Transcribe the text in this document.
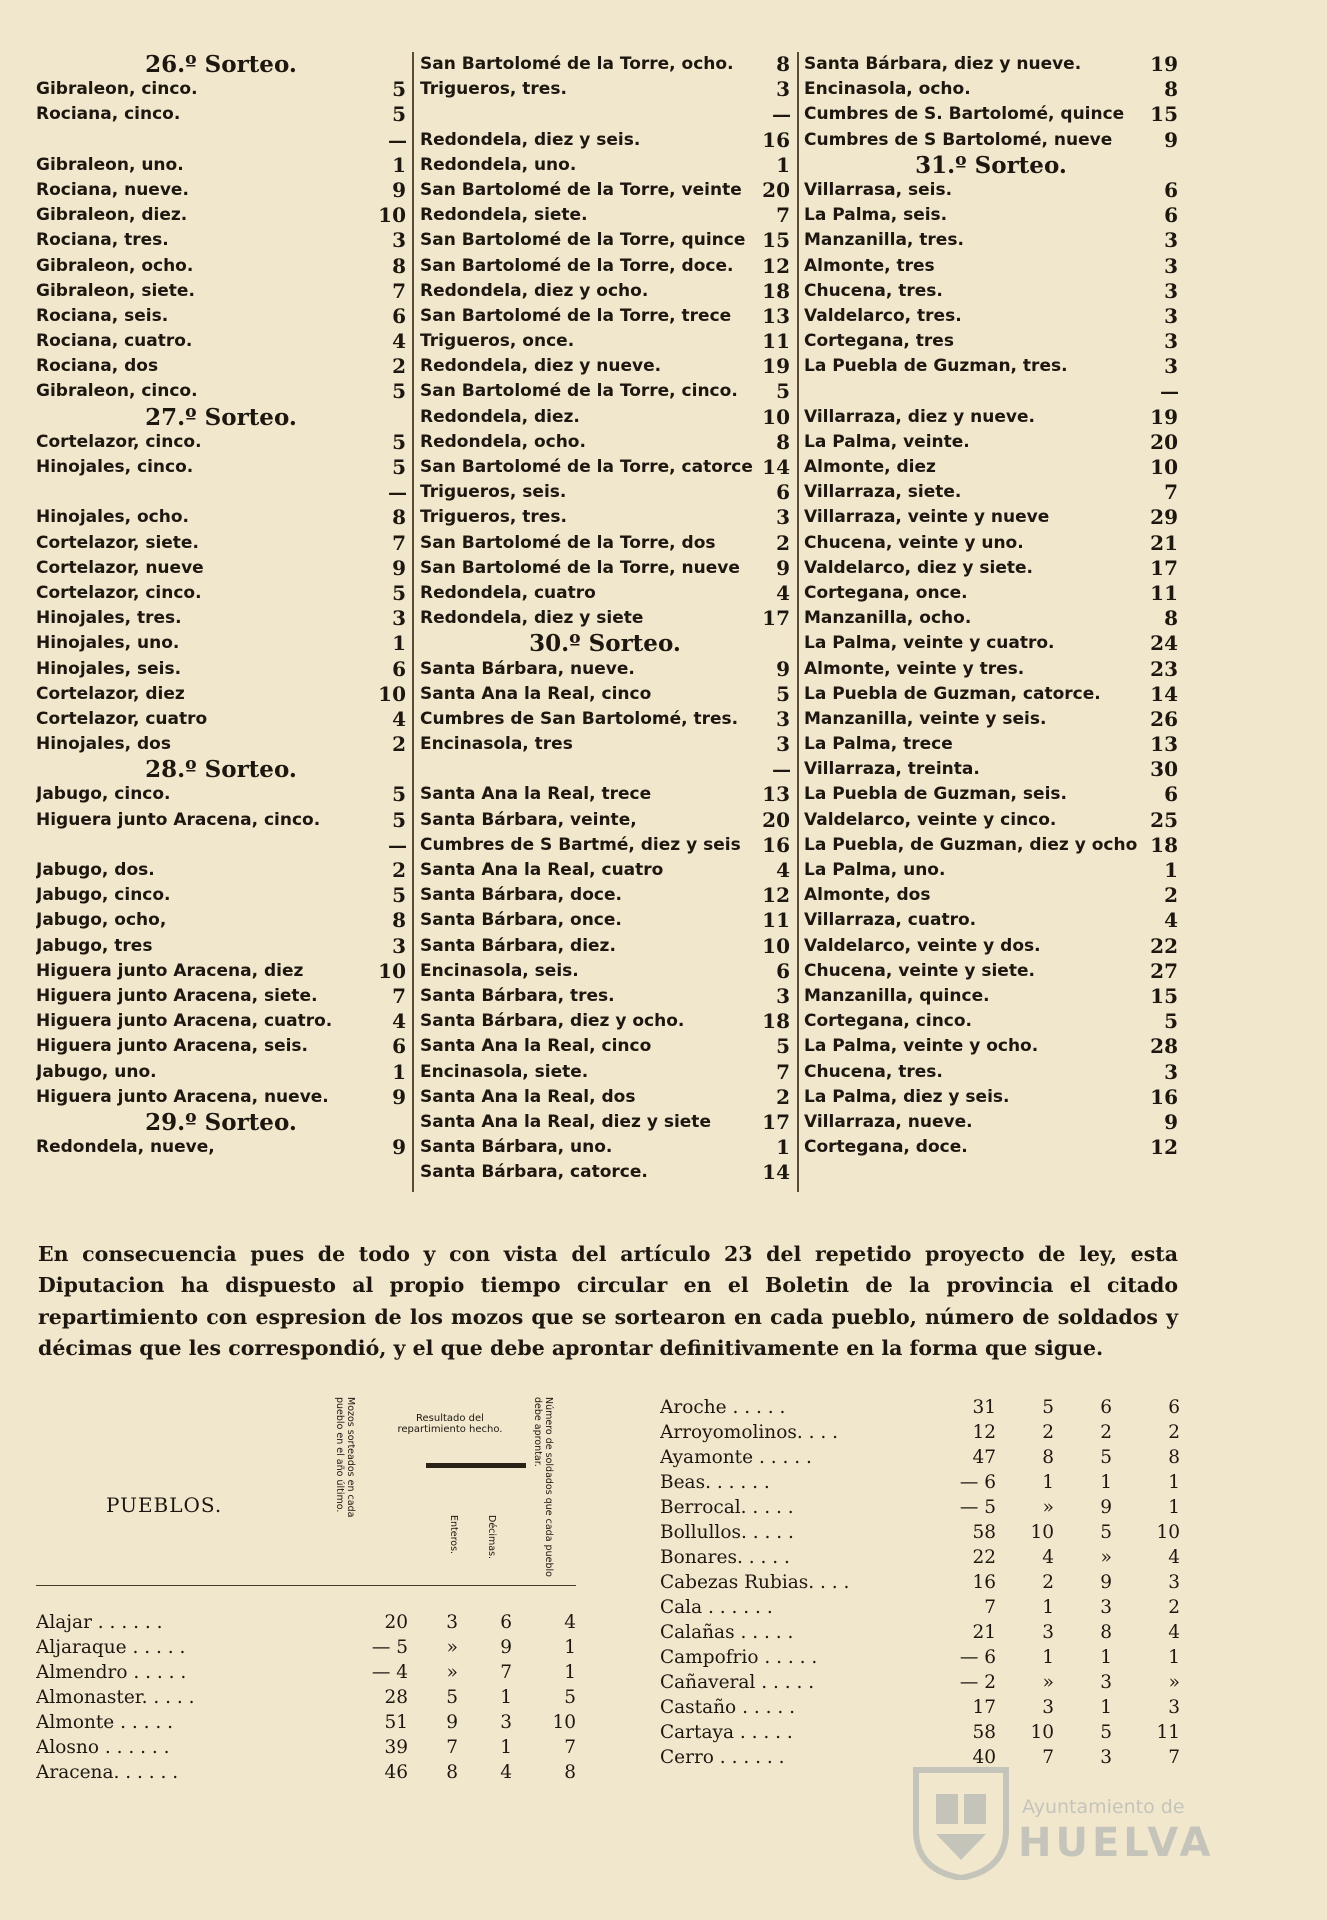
26.º Sorteo.
Gibraleon, cinco.	5
Rociana, cinco.	5
—
Gibraleon, uno.	1
Rociana, nueve.	9
Gibraleon, diez.	10
Rociana, tres.	3
Gibraleon, ocho.	8
Gibraleon, siete.	7
Rociana, seis.	6
Rociana, cuatro.	4
Rociana, dos	2
Gibraleon, cinco.	5
27.º Sorteo.
Cortelazor, cinco.	5
Hinojales, cinco.	5
—
Hinojales, ocho.	8
Cortelazor, siete.	7
Cortelazor, nueve	9
Cortelazor, cinco.	5
Hinojales, tres.	3
Hinojales, uno.	1
Hinojales, seis.	6
Cortelazor, diez	10
Cortelazor, cuatro	4
Hinojales, dos	2
28.º Sorteo.
Jabugo, cinco.	5
Higuera junto Aracena, cinco.	5
—
Jabugo, dos.	2
Jabugo, cinco.	5
Jabugo, ocho,	8
Jabugo, tres	3
Higuera junto Aracena, diez	10
Higuera junto Aracena, siete.	7
Higuera junto Aracena, cuatro.	4
Higuera junto Aracena, seis.	6
Jabugo, uno.	1
Higuera junto Aracena, nueve.	9
29.º Sorteo.
Redondela, nueve,	9
San Bartolomé de la Torre, ocho.	8
Trigueros, tres.	3
—
Redondela, diez y seis.	16
Redondela, uno.	1
San Bartolomé de la Torre, veinte	20
Redondela, siete.	7
San Bartolomé de la Torre, quince 15
San Bartolomé de la Torre, doce.	12
Redondela, diez y ocho.	18
San Bartolomé de la Torre, trece	13
Trigueros, once.	11
Redondela, diez y nueve.	19
San Bartolomé de la Torre, cinco.	5
Redondela, diez.	10
Redondela, ocho.	8
San Bartolomé de la Torre, catorce 14
Trigueros, seis.	6
Trigueros, tres.	3
San Bartolomé de la Torre, dos	2
San Bartolomé de la Torre, nueve	9
Redondela, cuatro	4
Redondela, diez y siete	17
30.º Sorteo.
Santa Bárbara, nueve.	9
Santa Ana la Real, cinco	5
Cumbres de San Bartolomé, tres.	3
Encinasola, tres	3
—
Santa Ana la Real, trece	13
Santa Bárbara, veinte,	20
Cumbres de S Bartmé, diez y seis	16
Santa Ana la Real, cuatro	4
Santa Bárbara, doce.	12
Santa Bárbara, once.	11
Santa Bárbara, diez.	10
Encinasola, seis.	6
Santa Bárbara, tres.	3
Santa Bárbara, diez y ocho.	18
Santa Ana la Real, cinco	5
Encinasola, siete.	7
Santa Ana la Real, dos	2
Santa Ana la Real, diez y siete	17
Santa Bárbara, uno.	1
Santa Bárbara, catorce.	14
Santa Bárbara, diez y nueve.	19
Encinasola, ocho.	8
Cumbres de S. Bartolomé, quince	15
Cumbres de S Bartolomé, nueve	9
31.º Sorteo.
Villarrasa, seis.	6
La Palma, seis.	6
Manzanilla, tres.	3
Almonte, tres	3
Chucena, tres.	3
Valdelarco, tres.	3
Cortegana, tres	3
La Puebla de Guzman, tres.	3
—
Villarraza, diez y nueve.	19
La Palma, veinte.	20
Almonte, diez	10
Villarraza, siete.	7
Villarraza, veinte y nueve	29
Chucena, veinte y uno.	21
Valdelarco, diez y siete.	17
Cortegana, once.	11
Manzanilla, ocho.	8
La Palma, veinte y cuatro.	24
Almonte, veinte y tres.	23
La Puebla de Guzman, catorce.	14
Manzanilla, veinte y seis.	26
La Palma, trece	13
Villarraza, treinta.	30
La Puebla de Guzman, seis.	6
Valdelarco, veinte y cinco.	25
La Puebla, de Guzman, diez y ocho 18
La Palma, uno.	1
Almonte, dos	2
Villarraza, cuatro.	4
Valdelarco, veinte y dos.	22
Chucena, veinte y siete.	27
Manzanilla, quince.	15
Cortegana, cinco.	5
La Palma, veinte y ocho.	28
Chucena, tres.	3
La Palma, diez y seis.	16
Villarraza, nueve.	9
Cortegana, doce.	12

En consecuencia pues de todo y con vista del artículo 23 del repetido proyecto de ley, esta Diputacion ha dispuesto al propio tiempo circular en el Boletin de la provincia el citado repartimiento con espresion de los mozos que se sortearon en cada pueblo, número de soldados y décimas que les correspondió, y el que debe aprontar definitivamente en la forma que sigue.

PUEBLOS.	Mozos sorteados en cada pueblo en el año último.	Resultado del repartimiento hecho.
Enteros.	Décimas.	Número de soldados que cada pueblo debe aprontar.
Alajar . . . . . .	20	3	6	4
Aljaraque . . . . .	— 5	»	9	1
Almendro . . . . .	— 4	»	7	1
Almonaster. . . . .	28	5	1	5
Almonte . . . . .	51	9	3	10
Alosno . . . . . .	39	7	1	7
Aracena. . . . . .	46	8	4	8
Aroche . . . . .	31	5	6	6
Arroyomolinos. . . .	12	2	2	2
Ayamonte . . . . .	47	8	5	8
Beas. . . . . .	— 6	1	1	1
Berrocal. . . . .	— 5	»	9	1
Bollullos. . . . .	58	10	5	10
Bonares. . . . .	22	4	»	4
Cabezas Rubias. . . .	16	2	9	3
Cala . . . . . .	7	1	3	2
Calañas . . . . .	21	3	8	4
Campofrio . . . . .	— 6	1	1	1
Cañaveral . . . . .	— 2	»	3	»
Castaño . . . . .	17	3	1	3
Cartaya . . . . .	58	10	5	11
Cerro . . . . . .	40	7	3	7
Ayuntamiento de
HUELVA
